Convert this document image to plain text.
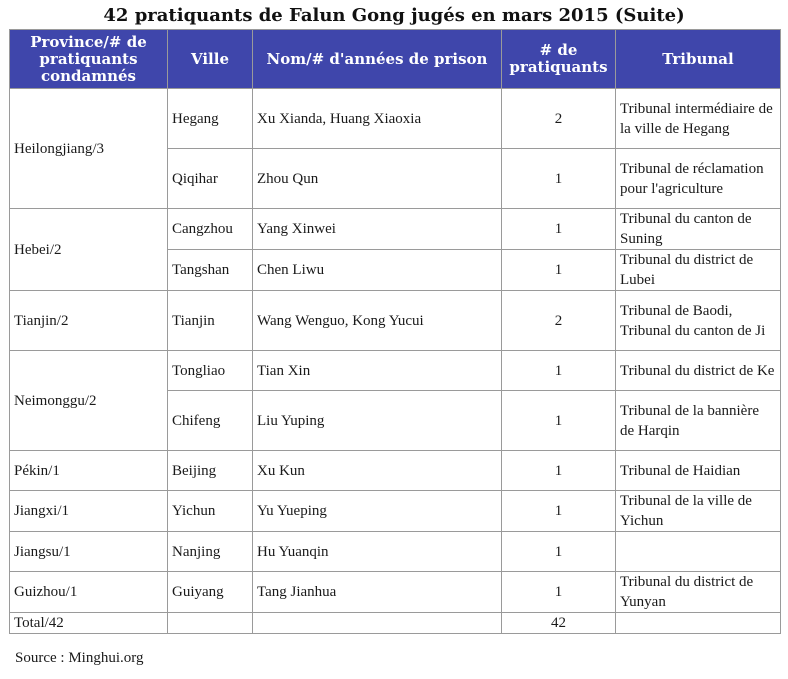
42 pratiquants de Falun Gong jugés en mars 2015 (Suite)
Province/# de pratiquants condamnés	Ville	Nom/# d'années de prison	# de pratiquants	Tribunal
Heilongjiang/3	Hegang	Xu Xianda, Huang Xiaoxia	2	Tribunal intermédiaire de la ville de Hegang
	Qiqihar	Zhou Qun	1	Tribunal de réclamation pour l'agriculture
Hebei/2	Cangzhou	Yang Xinwei	1	Tribunal du canton de Suning
	Tangshan	Chen Liwu	1	Tribunal du district de Lubei
Tianjin/2	Tianjin	Wang Wenguo, Kong Yucui	2	Tribunal de Baodi, Tribunal du canton de Ji
Neimonggu/2	Tongliao	Tian Xin	1	Tribunal du district de Ke
	Chifeng	Liu Yuping	1	Tribunal de la bannière de Harqin
Pékin/1	Beijing	Xu Kun	1	Tribunal de Haidian
Jiangxi/1	Yichun	Yu Yueping	1	Tribunal de la ville de Yichun
Jiangsu/1	Nanjing	Hu Yuanqin	1	
Guizhou/1	Guiyang	Tang Jianhua	1	Tribunal du district de Yunyan
Total/42			42	
Source : Minghui.org
